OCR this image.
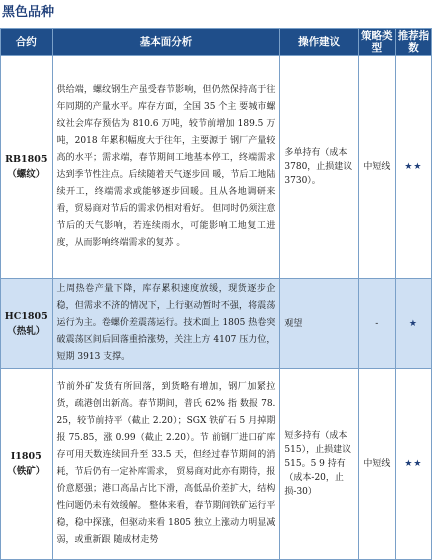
黑色品种
合约	基本面分析	操作建议	策略类型	推荐指数

RB1805
（螺纹）	供给端，螺纹钢生产虽受春节影响，但仍然保持高于往年同期的产量水平。库存方面，全国 35 个主 要城市螺纹社会库存预估为 810.6 万吨，较节前增加 189.5 万吨，2018 年累积幅度大于往年，主要源于 钢厂产量较高的水平；需求端，春节期间工地基本停工，终端需求达到季节性注点。后续随着天气逐步回 暖，节后工地陆续开工，终端需求或能够逐步回暖。且从各地调研来看，贸易商对节后的需求仍相对看好。 但同时仍须注意节后的天气影响，若连续雨水，可能影响工地复工进度，从而影响终端需求的复苏 。	多单持有（成本 3780，止损建议 3730）。	中短线	★★

HC1805
（热轧）	上周热卷产量下降，库存累积速度放缓，现货逐步企稳，但需求不济的情况下，上行驱动暂时不强，将震荡运行为主。卷螺价差震荡运行。技术面上 1805 热卷突破震荡区间后回落重拾涨势，关注上方 4107 压力位，短期 3913 支撑。	观望	-	★

I1805
（铁矿）	节前外矿发货有所回落，到货略有增加，钢厂加紧拉货，疏港创出新高。春节期间，普氏 62% 指 数报 78.25，较节前持平（截止 2.20）；SGX 铁矿石 5 月掉期报 75.85，涨 0.99（截止 2.20）。节 前钢厂进口矿库存可用天数连续回升至 33.5 天，但经过春节期间的消耗，节后仍有一定补库需求， 贸易商对此亦有期待，报价意愿强；港口高品占比下滑，高低品价差扩大，结构性问题仍未有效缓解。 整体来看，春节期间铁矿运行平稳，稳中探涨，但驱动来看 1805 独立上涨动力明显减弱，或重新跟 随成材走势	短多持有（成本 515），止损建议 515。5 9 持有（成本-20，止损-30）	中短线	★★
